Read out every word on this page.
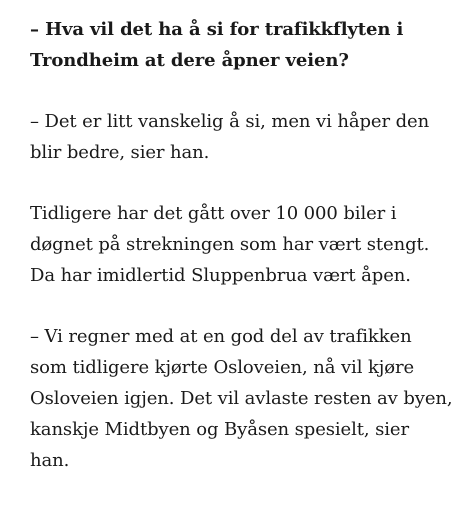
– Hva vil det ha å si for trafikkflyten i
Trondheim at dere åpner veien?

– Det er litt vanskelig å si, men vi håper den
blir bedre, sier han.

Tidligere har det gått over 10 000 biler i
døgnet på strekningen som har vært stengt.
Da har imidlertid Sluppenbrua vært åpen.

– Vi regner med at en god del av trafikken
som tidligere kjørte Osloveien, nå vil kjøre
Osloveien igjen. Det vil avlaste resten av byen,
kanskje Midtbyen og Byåsen spesielt, sier
han.
